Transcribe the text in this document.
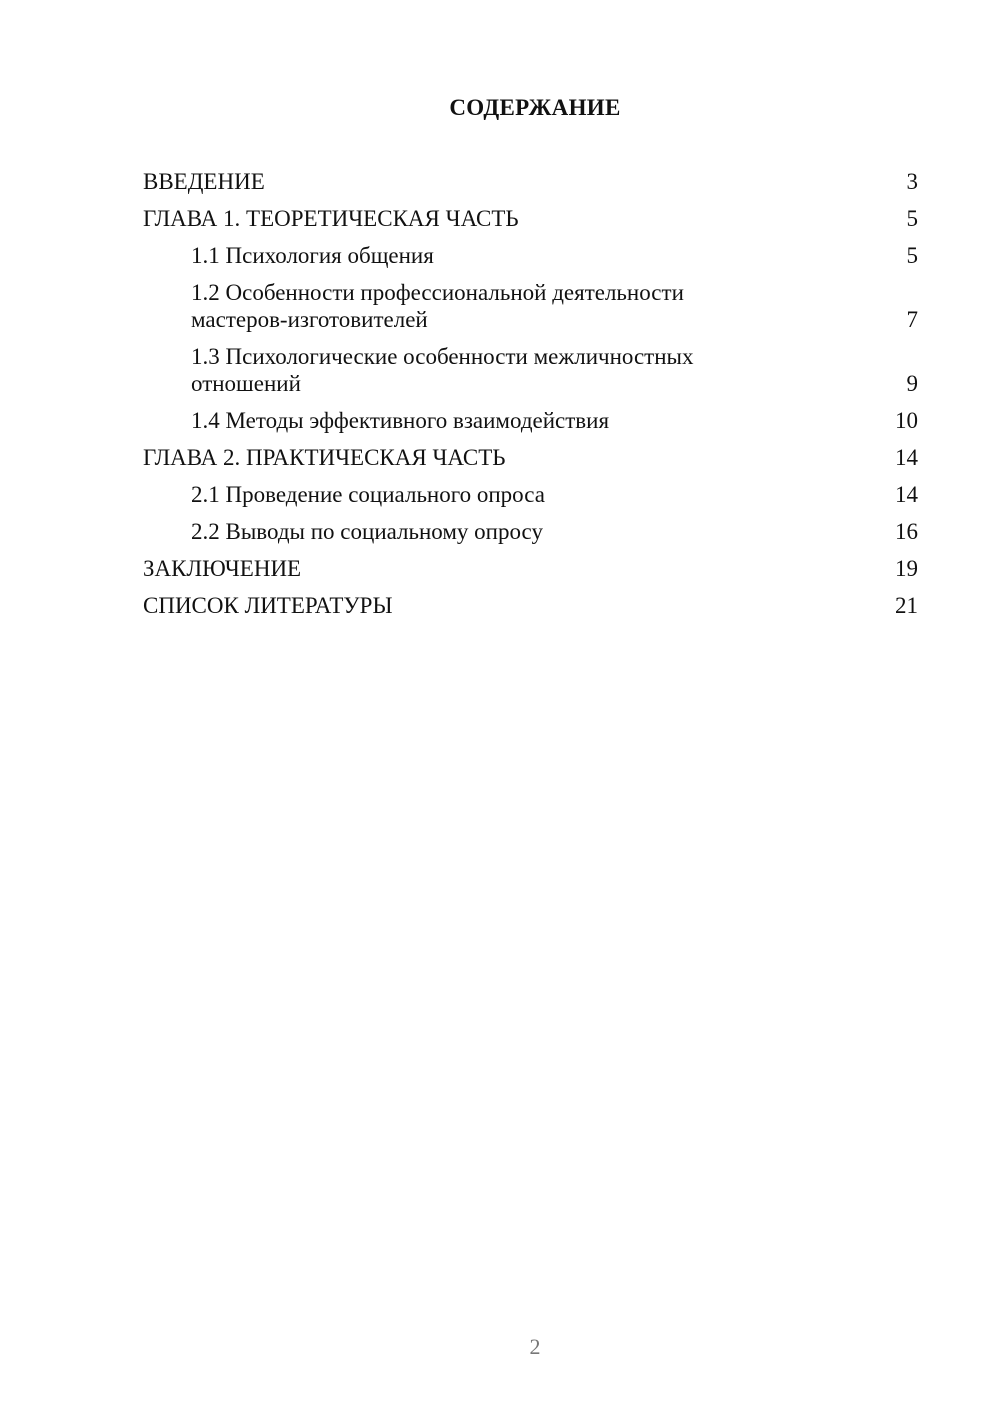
СОДЕРЖАНИЕ
ВВЕДЕНИЕ	3
ГЛАВА 1. ТЕОРЕТИЧЕСКАЯ ЧАСТЬ	5
1.1 Психология общения	5
1.2 Особенности профессиональной деятельности мастеров-изготовителей	7
1.3 Психологические особенности межличностных отношений	9
1.4 Методы эффективного взаимодействия	10
ГЛАВА 2. ПРАКТИЧЕСКАЯ ЧАСТЬ	14
2.1 Проведение социального опроса	14
2.2 Выводы по социальному опросу	16
ЗАКЛЮЧЕНИЕ	19
СПИСОК ЛИТЕРАТУРЫ	21
2
